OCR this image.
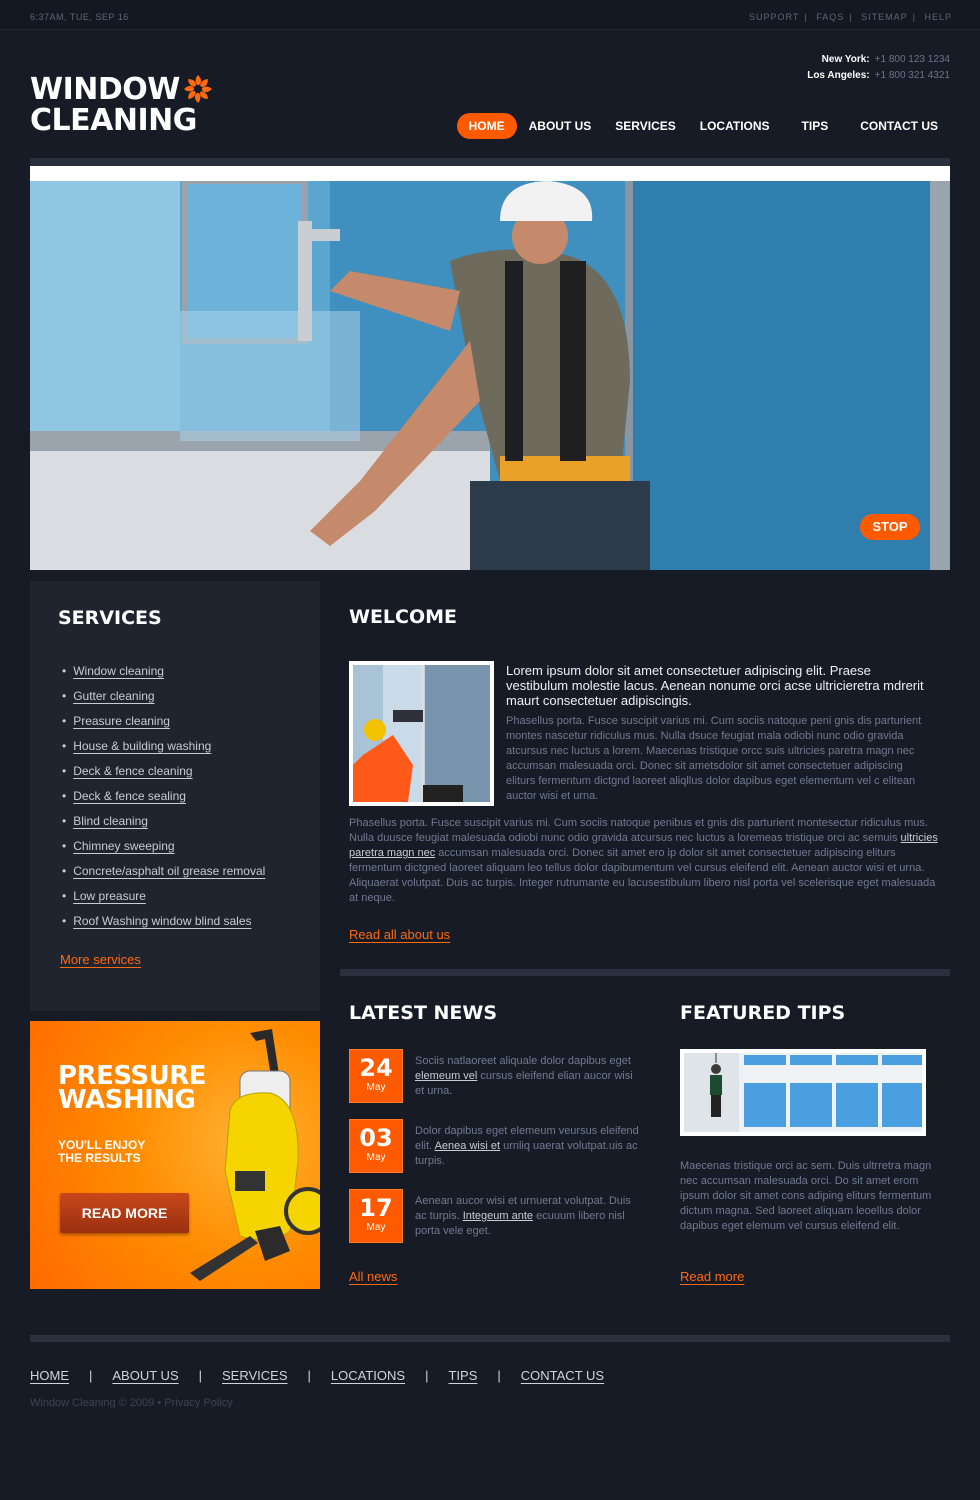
6:37AM, TUE, SEP 16	SUPPORT | FAQS | SITEMAP | HELP
WINDOW
CLEANING
New York: +1 800 123 1234
Los Angeles: +1 800 321 4321
HOME	ABOUT US	SERVICES	LOCATIONS	TIPS	CONTACT US
STOP
SERVICES
• Window cleaning
• Gutter cleaning
• Preasure cleaning
• House & building washing
• Deck & fence cleaning
• Deck & fence sealing
• Blind cleaning
• Chimney sweeping
• Concrete/asphalt oil grease removal
• Low preasure
• Roof Washing window blind sales
More services
PRESSURE
WASHING
YOU'LL ENJOY
THE RESULTS
READ MORE
WELCOME
Lorem ipsum dolor sit amet consectetuer adipiscing elit. Praese vestibulum molestie lacus. Aenean nonume orci acse ultricieretra mdrerit maurt consectetuer adipiscingis.
Phasellus porta. Fusce suscipit varius mi. Cum sociis natoque peni gnis dis parturient montes nascetur ridiculus mus. Nulla dsuce feugiat mala odiobi nunc odio gravida atcursus nec luctus a lorem. Maecenas tristique orcc suis ultricies paretra magn nec accumsan malesuada orci. Donec sit ametsdolor sit amet consectetuer adipiscing eliturs fermentum dictgnd laoreet aliqllus dolor dapibus eget elementum vel c elitean auctor wisi et urna.
Phasellus porta. Fusce suscipit varius mi. Cum sociis natoque penibus et gnis dis parturient montesectur ridiculus mus. Nulla duusce feugiat malesuada odiobi nunc odio gravida atcursus nec luctus a loremeas tristique orci ac semuis ultricies paretra magn nec accumsan malesuada orci. Donec sit amet ero ip dolor sit amet consectetuer adipiscing eliturs fermentum dictgned laoreet aliquam leo tellus dolor dapibumentum vel cursus eleifend elit. Aenean auctor wisi et urna. Aliquaerat volutpat. Duis ac turpis. Integer rutrumante eu lacusestibulum libero nisl porta vel scelerisque eget malesuada at neque.
Read all about us
LATEST NEWS
24
May
Sociis natlaoreet aliquale dolor dapibus eget elemeum vel cursus eleifend elian aucor wisi et urna.
03
May
Dolor dapibus eget elemeum veursus eleifend elit. Aenea wisi et urnliq uaerat volutpat.uis ac turpis.
17
May
Aenean aucor wisi et urnuerat volutpat. Duis ac turpis. Integeum ante ecuuum libero nisl porta vele eget.
All news
FEATURED TIPS
Maecenas tristique orci ac sem. Duis ultrretra magn nec accumsan malesuada orci. Do sit amet erom ipsum dolor sit amet cons adiping eliturs fermentum dictum magna. Sed laoreet aliquam leoellus dolor dapibus eget elemum vel cursus eleifend elit.
Read more
HOME | ABOUT US | SERVICES | LOCATIONS | TIPS | CONTACT US
Window Cleaning © 2009 • Privacy Policy
